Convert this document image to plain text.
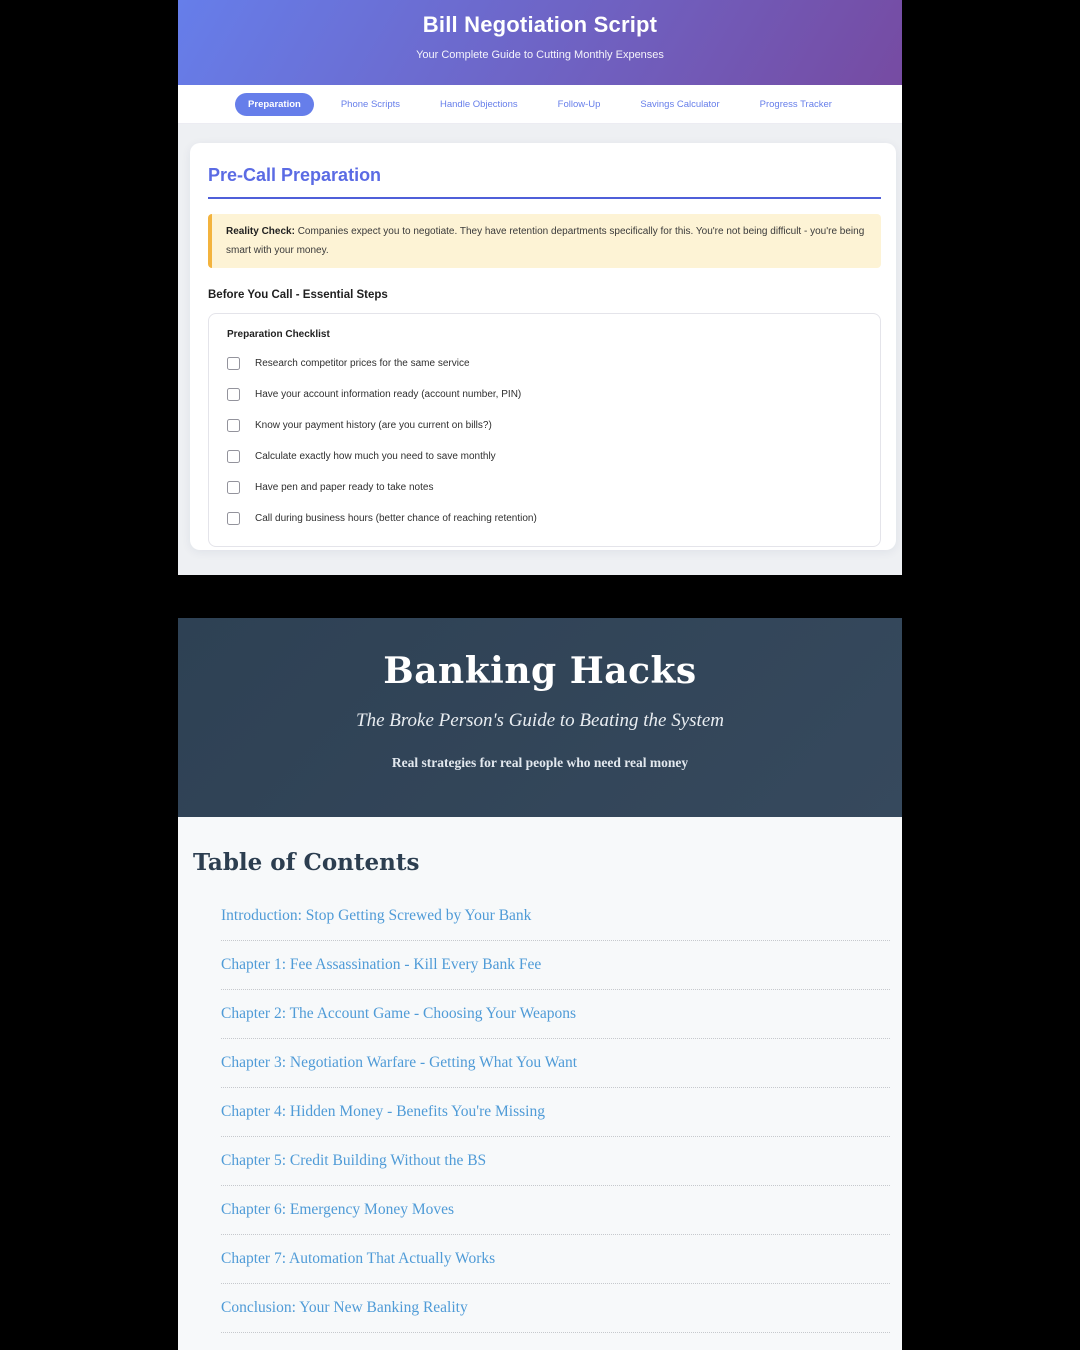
Bill Negotiation Script
Your Complete Guide to Cutting Monthly Expenses
Preparation	Phone Scripts	Handle Objections	Follow-Up	Savings Calculator	Progress Tracker
Pre-Call Preparation
Reality Check: Companies expect you to negotiate. They have retention departments specifically for this. You're not being difficult - you're being smart with your money.
Before You Call - Essential Steps
Preparation Checklist
Research competitor prices for the same service
Have your account information ready (account number, PIN)
Know your payment history (are you current on bills?)
Calculate exactly how much you need to save monthly
Have pen and paper ready to take notes
Call during business hours (better chance of reaching retention)
Banking Hacks
The Broke Person's Guide to Beating the System
Real strategies for real people who need real money
Table of Contents
Introduction: Stop Getting Screwed by Your Bank
Chapter 1: Fee Assassination - Kill Every Bank Fee
Chapter 2: The Account Game - Choosing Your Weapons
Chapter 3: Negotiation Warfare - Getting What You Want
Chapter 4: Hidden Money - Benefits You're Missing
Chapter 5: Credit Building Without the BS
Chapter 6: Emergency Money Moves
Chapter 7: Automation That Actually Works
Conclusion: Your New Banking Reality
